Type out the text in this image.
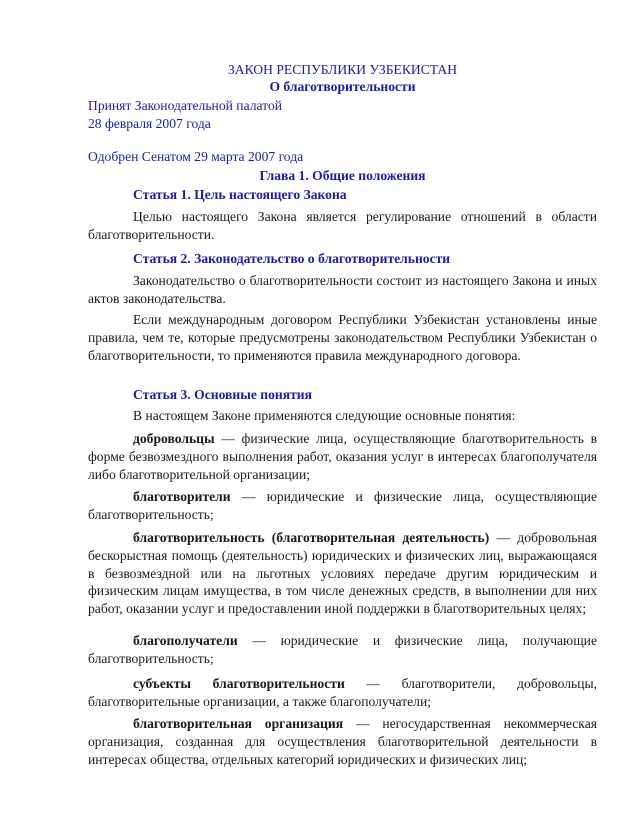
ЗАКОН РЕСПУБЛИКИ УЗБЕКИСТАН
О благотворительности
Принят Законодательной палатой
28 февраля 2007 года
Одобрен Сенатом 29 марта 2007 года
Глава 1. Общие положения
Статья 1. Цель настоящего Закона
Целью настоящего Закона является регулирование отношений в области благотворительности.
Статья 2. Законодательство о благотворительности
Законодательство о благотворительности состоит из настоящего Закона и иных актов законодательства.
Если международным договором Республики Узбекистан установлены иные правила, чем те, которые предусмотрены законодательством Республики Узбекистан о благотворительности, то применяются правила международного договора.
Статья 3. Основные понятия
В настоящем Законе применяются следующие основные понятия:
добровольцы — физические лица, осуществляющие благотворительность в форме безвозмездного выполнения работ, оказания услуг в интересах благополучателя либо благотворительной организации;
благотворители — юридические и физические лица, осуществляющие благотворительность;
благотворительность (благотворительная деятельность) — добровольная бескорыстная помощь (деятельность) юридических и физических лиц, выражающаяся в безвозмездной или на льготных условиях передаче другим юридическим и физическим лицам имущества, в том числе денежных средств, в выполнении для них работ, оказании услуг и предоставлении иной поддержки в благотворительных целях;
благополучатели — юридические и физические лица, получающие благотворительность;
субъекты благотворительности — благотворители, добровольцы, благотворительные организации, а также благополучатели;
благотворительная организация — негосударственная некоммерческая организация, созданная для осуществления благотворительной деятельности в интересах общества, отдельных категорий юридических и физических лиц;
